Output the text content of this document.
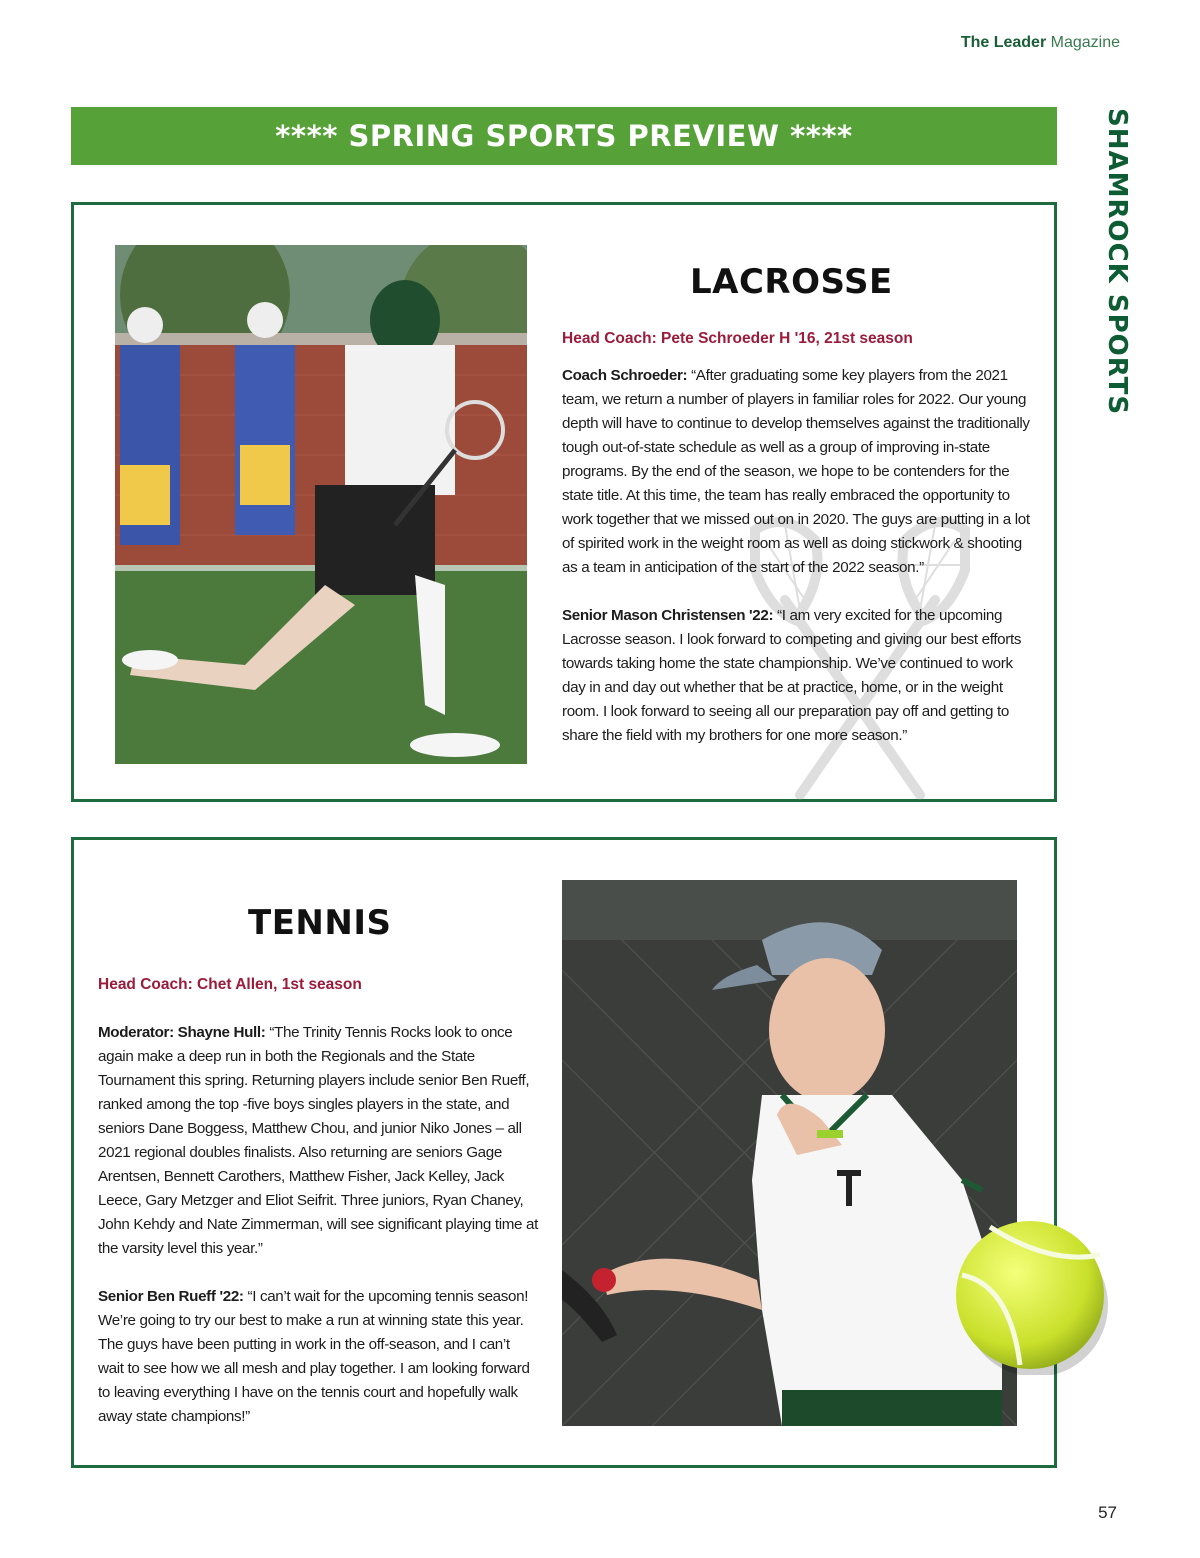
The Leader Magazine
**** SPRING SPORTS PREVIEW ****	SHAMROCK SPORTS
LACROSSE
Head Coach: Pete Schroeder H '16, 21st season

Coach Schroeder: “After graduating some key players from the 2021 team, we return a number of players in familiar roles for 2022. Our young depth will have to continue to develop themselves against the traditionally tough out-of-state schedule as well as a group of improving in-state programs. By the end of the season, we hope to be contenders for the state title. At this time, the team has really embraced the opportunity to work together that we missed out on in 2020. The guys are putting in a lot of spirited work in the weight room as well as doing stickwork & shooting as a team in anticipation of the start of the 2022 season.”

Senior Mason Christensen '22: “I am very excited for the upcoming Lacrosse season. I look forward to competing and giving our best efforts towards taking home the state championship. We’ve continued to work day in and day out whether that be at practice, home, or in the weight room. I look forward to seeing all our preparation pay off and getting to share the field with my brothers for one more season.”

TENNIS
Head Coach: Chet Allen, 1st season

Moderator: Shayne Hull: “The Trinity Tennis Rocks look to once again make a deep run in both the Regionals and the State Tournament this spring. Returning players include senior Ben Rueff, ranked among the top -five boys singles players in the state, and seniors Dane Boggess, Matthew Chou, and junior Niko Jones – all 2021 regional doubles finalists. Also returning are seniors Gage Arentsen, Bennett Carothers, Matthew Fisher, Jack Kelley, Jack Leece, Gary Metzger and Eliot Seifrit. Three juniors, Ryan Chaney, John Kehdy and Nate Zimmerman, will see significant playing time at the varsity level this year.”

Senior Ben Rueff '22: “I can’t wait for the upcoming tennis season! We’re going to try our best to make a run at winning state this year. The guys have been putting in work in the off-season, and I can’t wait to see how we all mesh and play together. I am looking forward to leaving everything I have on the tennis court and hopefully walk away state champions!”

57
